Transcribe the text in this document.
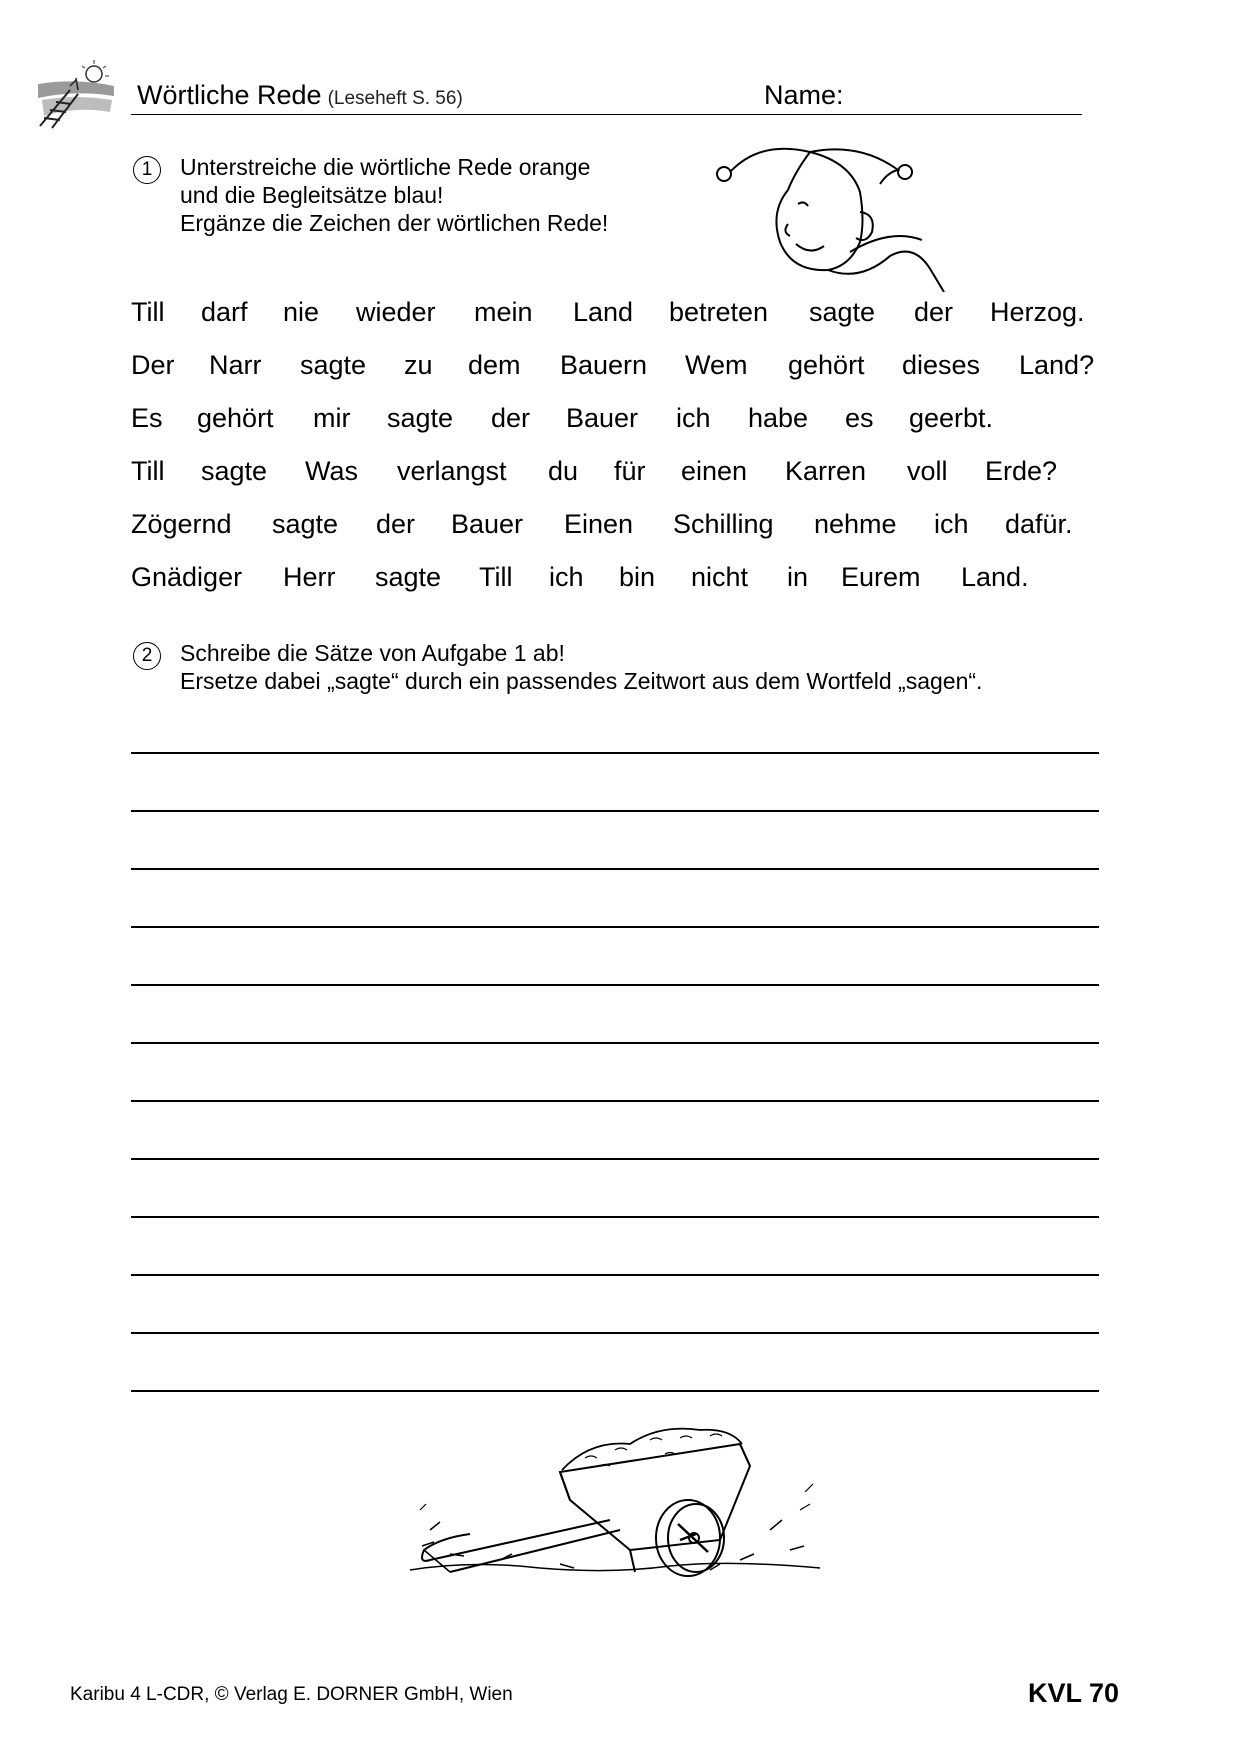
Wörtliche Rede (Leseheft S. 56)	Name:
1	Unterstreiche die wörtliche Rede orange
und die Begleitsätze blau!
Ergänze die Zeichen der wörtlichen Rede!
Till darf nie wieder mein Land betreten sagte der Herzog.
Der Narr sagte zu dem Bauern Wem gehört dieses Land?
Es gehört mir sagte der Bauer ich habe es geerbt.
Till sagte Was verlangst du für einen Karren voll Erde?
Zögernd sagte der Bauer Einen Schilling nehme ich dafür.
Gnädiger Herr sagte Till ich bin nicht in Eurem Land.
2	Schreibe die Sätze von Aufgabe 1 ab!
Ersetze dabei „sagte“ durch ein passendes Zeitwort aus dem Wortfeld „sagen“.
Karibu 4 L-CDR, © Verlag E. DORNER GmbH, Wien	KVL 70
